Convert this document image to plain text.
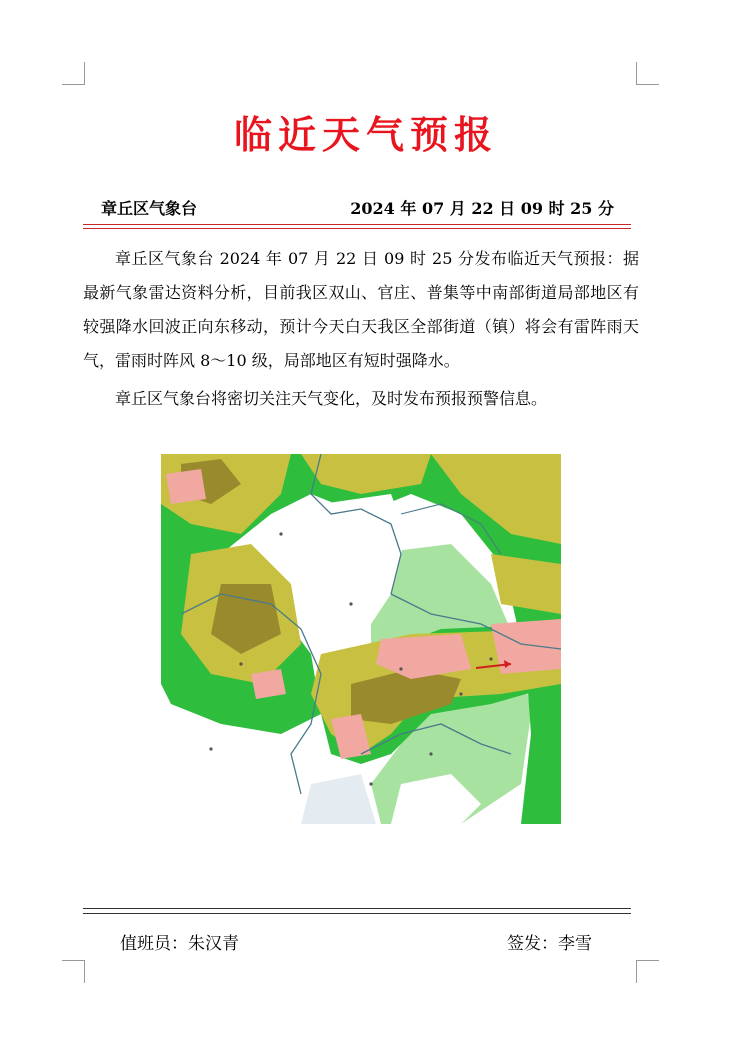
临近天气预报
章丘区气象台	2024 年 07 月 22 日 09 时 25 分
章丘区气象台 2024 年 07 月 22 日 09 时 25 分发布临近天气预报：据最新气象雷达资料分析，目前我区双山、官庄、普集等中南部街道局部地区有较强降水回波正向东移动，预计今天白天我区全部街道（镇）将会有雷阵雨天气，雷雨时阵风 8～10 级，局部地区有短时强降水。
章丘区气象台将密切关注天气变化，及时发布预报预警信息。
值班员：朱汉青	签发：李雪
